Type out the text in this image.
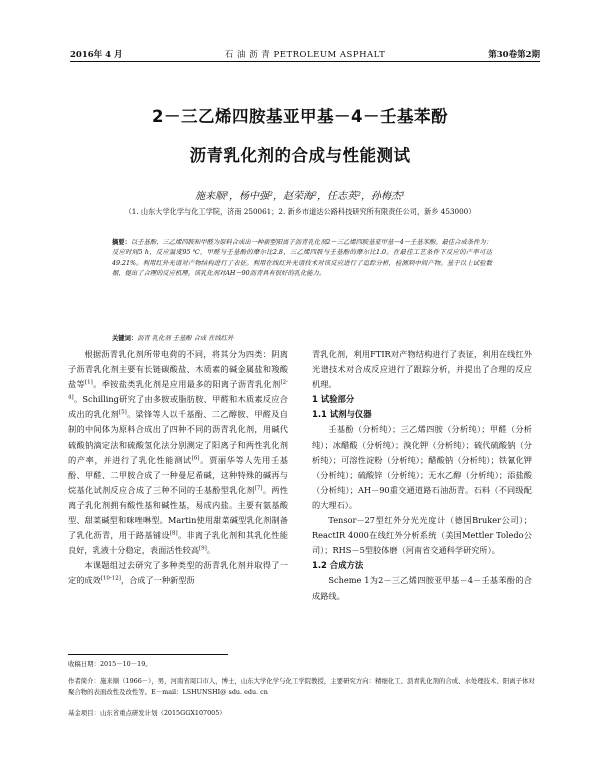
2016年 4 月	石 油 沥 青 PETROLEUM ASPHALT	第30卷第2期
2－三乙烯四胺基亚甲基－4－壬基苯酚
沥青乳化剂的合成与性能测试
施来顺¹，杨中强²，赵荣海²，任志英²，孙梅杰¹
（1. 山东大学化学与化工学院，济南 250061；2. 新乡市道达公路科技研究所有限责任公司，新乡 453000）
摘要：以壬基酚、三乙烯四胺和甲醛为原料合成出一种新型阳离子沥青乳化剂2－三乙烯四胺基亚甲基－4－壬基苯酚。最佳合成条件为：反应时间5 h，反应温度95 ℃，甲醛与壬基酚的摩尔比2.8，三乙烯四胺与壬基酚的摩尔比1.0。在最佳工艺条件下反应的产率可达49.21%。利用红外光谱对产物结构进行了表征。利用在线红外光谱技术对该反应进行了追踪分析，检测到中间产物。基于以上试验数据，提出了合理的反应机理。该乳化剂对AH－90沥青具有很好的乳化能力。
关键词：沥青 乳化剂 壬基酚 合成 在线红外

根据沥青乳化剂所带电荷的不同，将其分为四类：阴离子沥青乳化剂主要有长链碳酸盐、木质素的碱金属盐和羧酸盐等[1]。季铵盐类乳化剂是应用最多的阳离子沥青乳化剂[2-4]。Schilling研究了由多胺或脂肪胺、甲醛和木质素反应合成出的乳化剂[5]。梁锋等人以千基酚、二乙醇胺、甲醛及自制的中间体为原料合成出了四种不同的沥青乳化剂，用碱代硫酸钠滴定法和硫酸氢化法分别测定了阳离子和两性乳化剂的产率，并进行了乳化性能测试[6]。贾丽华等人先用壬基酚、甲醛、二甲胺合成了一种曼尼希碱，这种特殊的碱再与烷基化试剂反应合成了三种不同的壬基酚型乳化剂[7]。两性离子乳化剂拥有酸性基和碱性基，易成内盐。主要有氨基酸型、甜菜碱型和咪唑啉型。Martin使用甜菜碱型乳化剂制备了乳化沥青，用于路基铺设[8]。非离子乳化剂和其乳化性能良好，乳液十分稳定，表面活性较高[9]。

本课题组过去研究了多种类型的沥青乳化剂并取得了一定的成效[10-12]，合成了一种新型沥

青乳化剂，利用FTIR对产物结构进行了表征，利用在线红外光谱技术对合成反应进行了跟踪分析，并提出了合理的反应机理。

1 试验部分
1.1 试剂与仪器

壬基酚（分析纯）；三乙烯四胺（分析纯）；甲醛（分析纯）；冰醋酸（分析纯）；溴化钾（分析纯）；硫代硫酸钠（分析纯）；可溶性淀粉（分析纯）；醋酸钠（分析纯）；铁氰化钾（分析纯）；硫酸锌（分析纯）；无水乙醇（分析纯）；添盐酸（分析纯）；AH－90重交通道路石油沥青。石料（不同级配的大理石）。

Tensor－27型红外分光光度计（德国Bruker公司）；ReactIR 4000在线红外分析系统（美国Mettler Toledo公司）；RHS－5型胶体磨（河南省交通科学研究所）。

1.2 合成方法

Scheme 1为2－三乙烯四胺亚甲基－4－壬基苯酚的合成路线。

收稿日期：2015－10－19。
作者简介：施来顺（1966－），男，河南省周口市人，博士，山东大学化学与化工学院教授，主要研究方向：精细化工、沥青乳化剂的合成、水处理技术、阳离子体对聚合物的表面改性及改性等。E－mail：LSHUNSHI@ sdu. edu. cn
基金项目：山东省重点研发计划（2015GGX107005）
